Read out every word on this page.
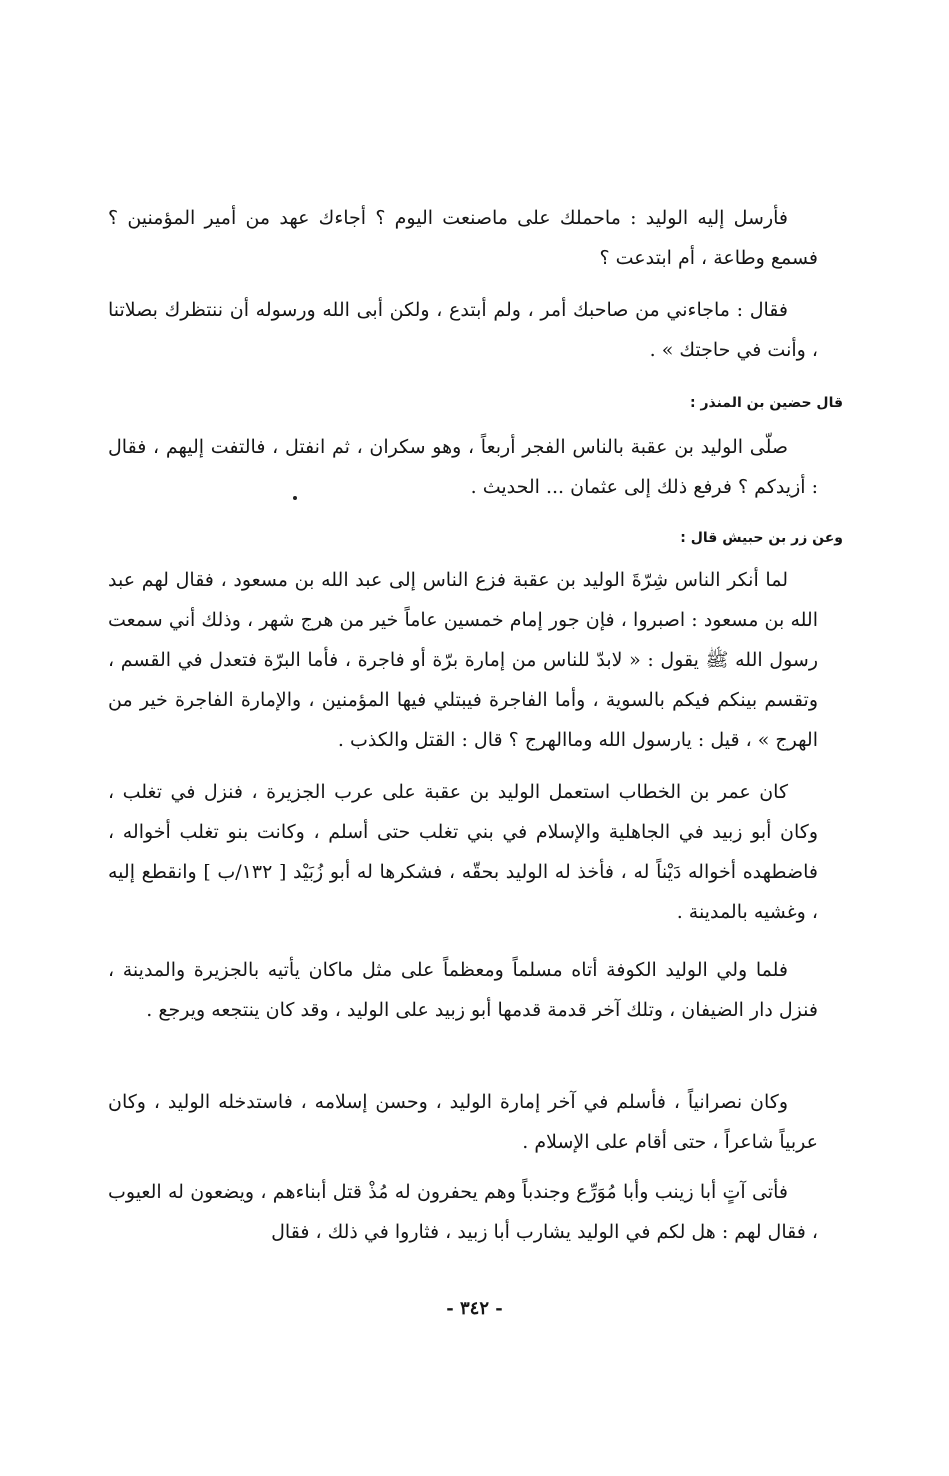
فأرسل إليه الوليد : ماحملك على ماصنعت اليوم ؟ أجاءك عهد من أمير المؤمنين ؟ فسمع وطاعة ، أم ابتدعت ؟

فقال : ماجاءني من صاحبك أمر ، ولم أبتدع ، ولكن أبى الله ورسوله أن ننتظرك بصلاتنا ، وأنت في حاجتك » .

قال حضين بن المنذر :

صلّى الوليد بن عقبة بالناس الفجر أربعاً ، وهو سكران ، ثم انفتل ، فالتفت إليهم ، فقال : أزيدكم ؟ فرفع ذلك إلى عثمان ... الحديث .

وعن زر بن حبيش قال :

لما أنكر الناس شِرّةَ الوليد بن عقبة فزع الناس إلى عبد الله بن مسعود ، فقال لهم عبد الله بن مسعود : اصبروا ، فإن جور إمام خمسين عاماً خير من هرج شهر ، وذلك أني سمعت رسول الله ﷺ يقول : « لابدّ للناس من إمارة برّة أو فاجرة ، فأما البرّة فتعدل في القسم ، وتقسم بينكم فيكم بالسوية ، وأما الفاجرة فيبتلي فيها المؤمنين ، والإمارة الفاجرة خير من الهرج » ، قيل : يارسول الله وماالهرج ؟ قال : القتل والكذب .

كان عمر بن الخطاب استعمل الوليد بن عقبة على عرب الجزيرة ، فنزل في تغلب ، وكان أبو زبيد في الجاهلية والإسلام في بني تغلب حتى أسلم ، وكانت بنو تغلب أخواله ، فاضطهده أخواله دَيْناً له ، فأخذ له الوليد بحقّه ، فشكرها له أبو زُبَيْد [ ١٣٢/ب ] وانقطع إليه ، وغشيه بالمدينة .

فلما ولي الوليد الكوفة أتاه مسلماً ومعظماً على مثل ماكان يأتيه بالجزيرة والمدينة ، فنزل دار الضيفان ، وتلك آخر قدمة قدمها أبو زبيد على الوليد ، وقد كان ينتجعه ويرجع .

وكان نصرانياً ، فأسلم في آخر إمارة الوليد ، وحسن إسلامه ، فاستدخله الوليد ، وكان عربياً شاعراً ، حتى أقام على الإسلام .

فأتى آتٍ أبا زينب وأبا مُوَرِّع وجندباً وهم يحفرون له مُذْ قتل أبناءهم ، ويضعون له العيوب ، فقال لهم : هل لكم في الوليد يشارب أبا زبيد ، فثاروا في ذلك ، فقال

- ٣٤٢ -
